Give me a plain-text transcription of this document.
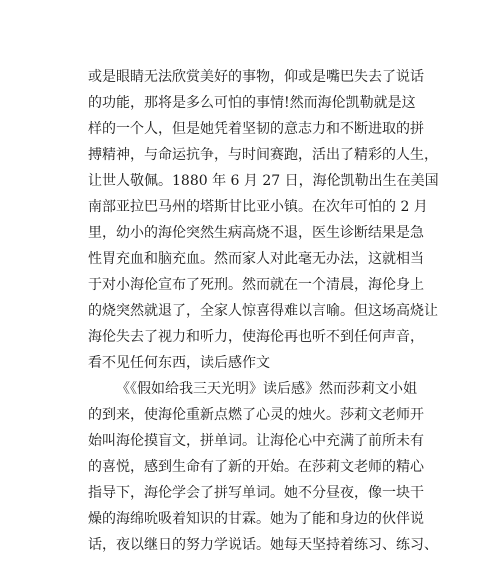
或是眼睛无法欣赏美好的事物，仰或是嘴巴失去了说话
的功能，那将是多么可怕的事情!然而海伦凯勒就是这
样的一个人，但是她凭着坚韧的意志力和不断进取的拼
搏精神，与命运抗争，与时间赛跑，活出了精彩的人生，
让世人敬佩。1880 年 6 月 27 日，海伦凯勒出生在美国
南部亚拉巴马州的塔斯甘比亚小镇。在次年可怕的 2 月
里，幼小的海伦突然生病高烧不退，医生诊断结果是急
性胃充血和脑充血。然而家人对此毫无办法，这就相当
于对小海伦宣布了死刑。然而就在一个清晨，海伦身上
的烧突然就退了，全家人惊喜得难以言喻。但这场高烧让
海伦失去了视力和听力，使海伦再也听不到任何声音，
看不见任何东西，读后感作文
《《假如给我三天光明》读后感》然而莎莉文小姐
的到来，使海伦重新点燃了心灵的烛火。莎莉文老师开
始叫海伦摸盲文，拼单词。让海伦心中充满了前所未有
的喜悦，感到生命有了新的开始。在莎莉文老师的精心
指导下，海伦学会了拼写单词。她不分昼夜，像一块干
燥的海绵吮吸着知识的甘霖。她为了能和身边的伙伴说
话，夜以继日的努力学说话。她每天坚持着练习、练习、
